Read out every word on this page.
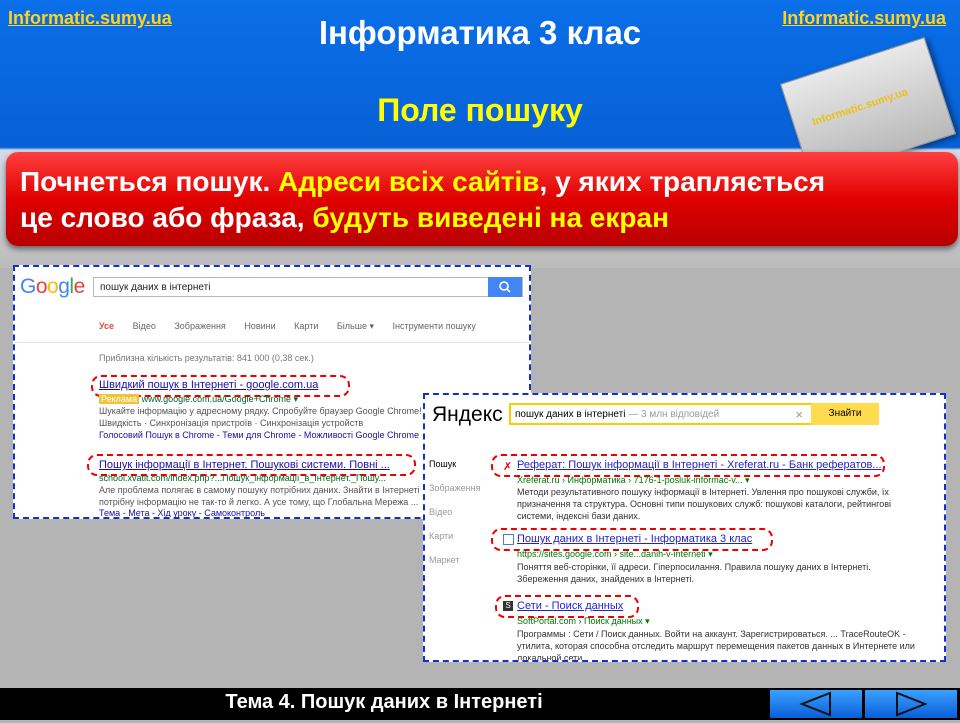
Informatic.sumy.ua	Informatic.sumy.ua
Інформатика 3 клас
Поле пошуку	Informatic.sumy.ua
Почнеться пошук. Адреси всіх сайтів, у яких трапляється
це слово або фраза, будуть виведені на екран
Google пошук даних в інтернеті
Усе Відео Зображення Новини Карти Більше ▾ Інструменти пошуку
Приблизна кількість результатів: 841 000 (0,38 сек.)
Швидкий пошук в Інтернеті - google.com.ua
Реклама www.google.com.ua/Google+Chrome ▾
Шукайте інформацію у адресному рядку. Спробуйте браузер Google Chrome!
Швидкість · Синхронізація пристроїв · Синхронізація устройств
Голосовий Пошук в Chrome - Теми для Chrome - Можливості Google Chrome
Пошук інформації в Інтернет. Пошукові системи. Повні ...
school.xvatit.com/index.php?...Пошук_інформації_в_Інтернет._Пошу...
Але проблема полягає в самому пошуку потрібних даних. Знайти в Інтернеті
потрібну інформацію не так-то й легко. А усе тому, що Глобальна Мережа ...
Тема - Мета - Хід уроку - Самоконтроль
Яндекс пошук даних в інтернеті — 3 млн відповідей	×	Знайти
Пошук
Зображення
Відео
Карти
Маркет
✗ Реферат: Пошук інформації в Інтернеті - Xreferat.ru - Банк рефератов...
Xreferat.ru › Информатика › 7176-1-posluk-informac-v... ▾
Методи результативного пошуку інформації в Інтернеті. Увлення про пошукові служби, їх
призначення та структура. Основні типи пошукових служб: пошукові каталоги, рейтингові
системи, індексні бази даних.
Пошук даних в Інтернеті - Інформатика 3 клас
https://sites.google.com › site...danih-v-interneti ▾
Поняття веб-сторінки, її адреси. Гіперпосилання. Правила пошуку даних в Інтернеті.
Збереження даних, знайдених в Інтернеті.
S Сети - Поиск данных
SoftPortal.com › Поиск данных ▾
Программы : Сети / Поиск данных. Войти на аккаунт. Зарегистрироваться. ... TraceRouteOK -
утилита, которая способна отследить маршрут перемещения пакетов данных в Интернете или
локальной сети.
Тема 4. Пошук даних в Інтернеті
